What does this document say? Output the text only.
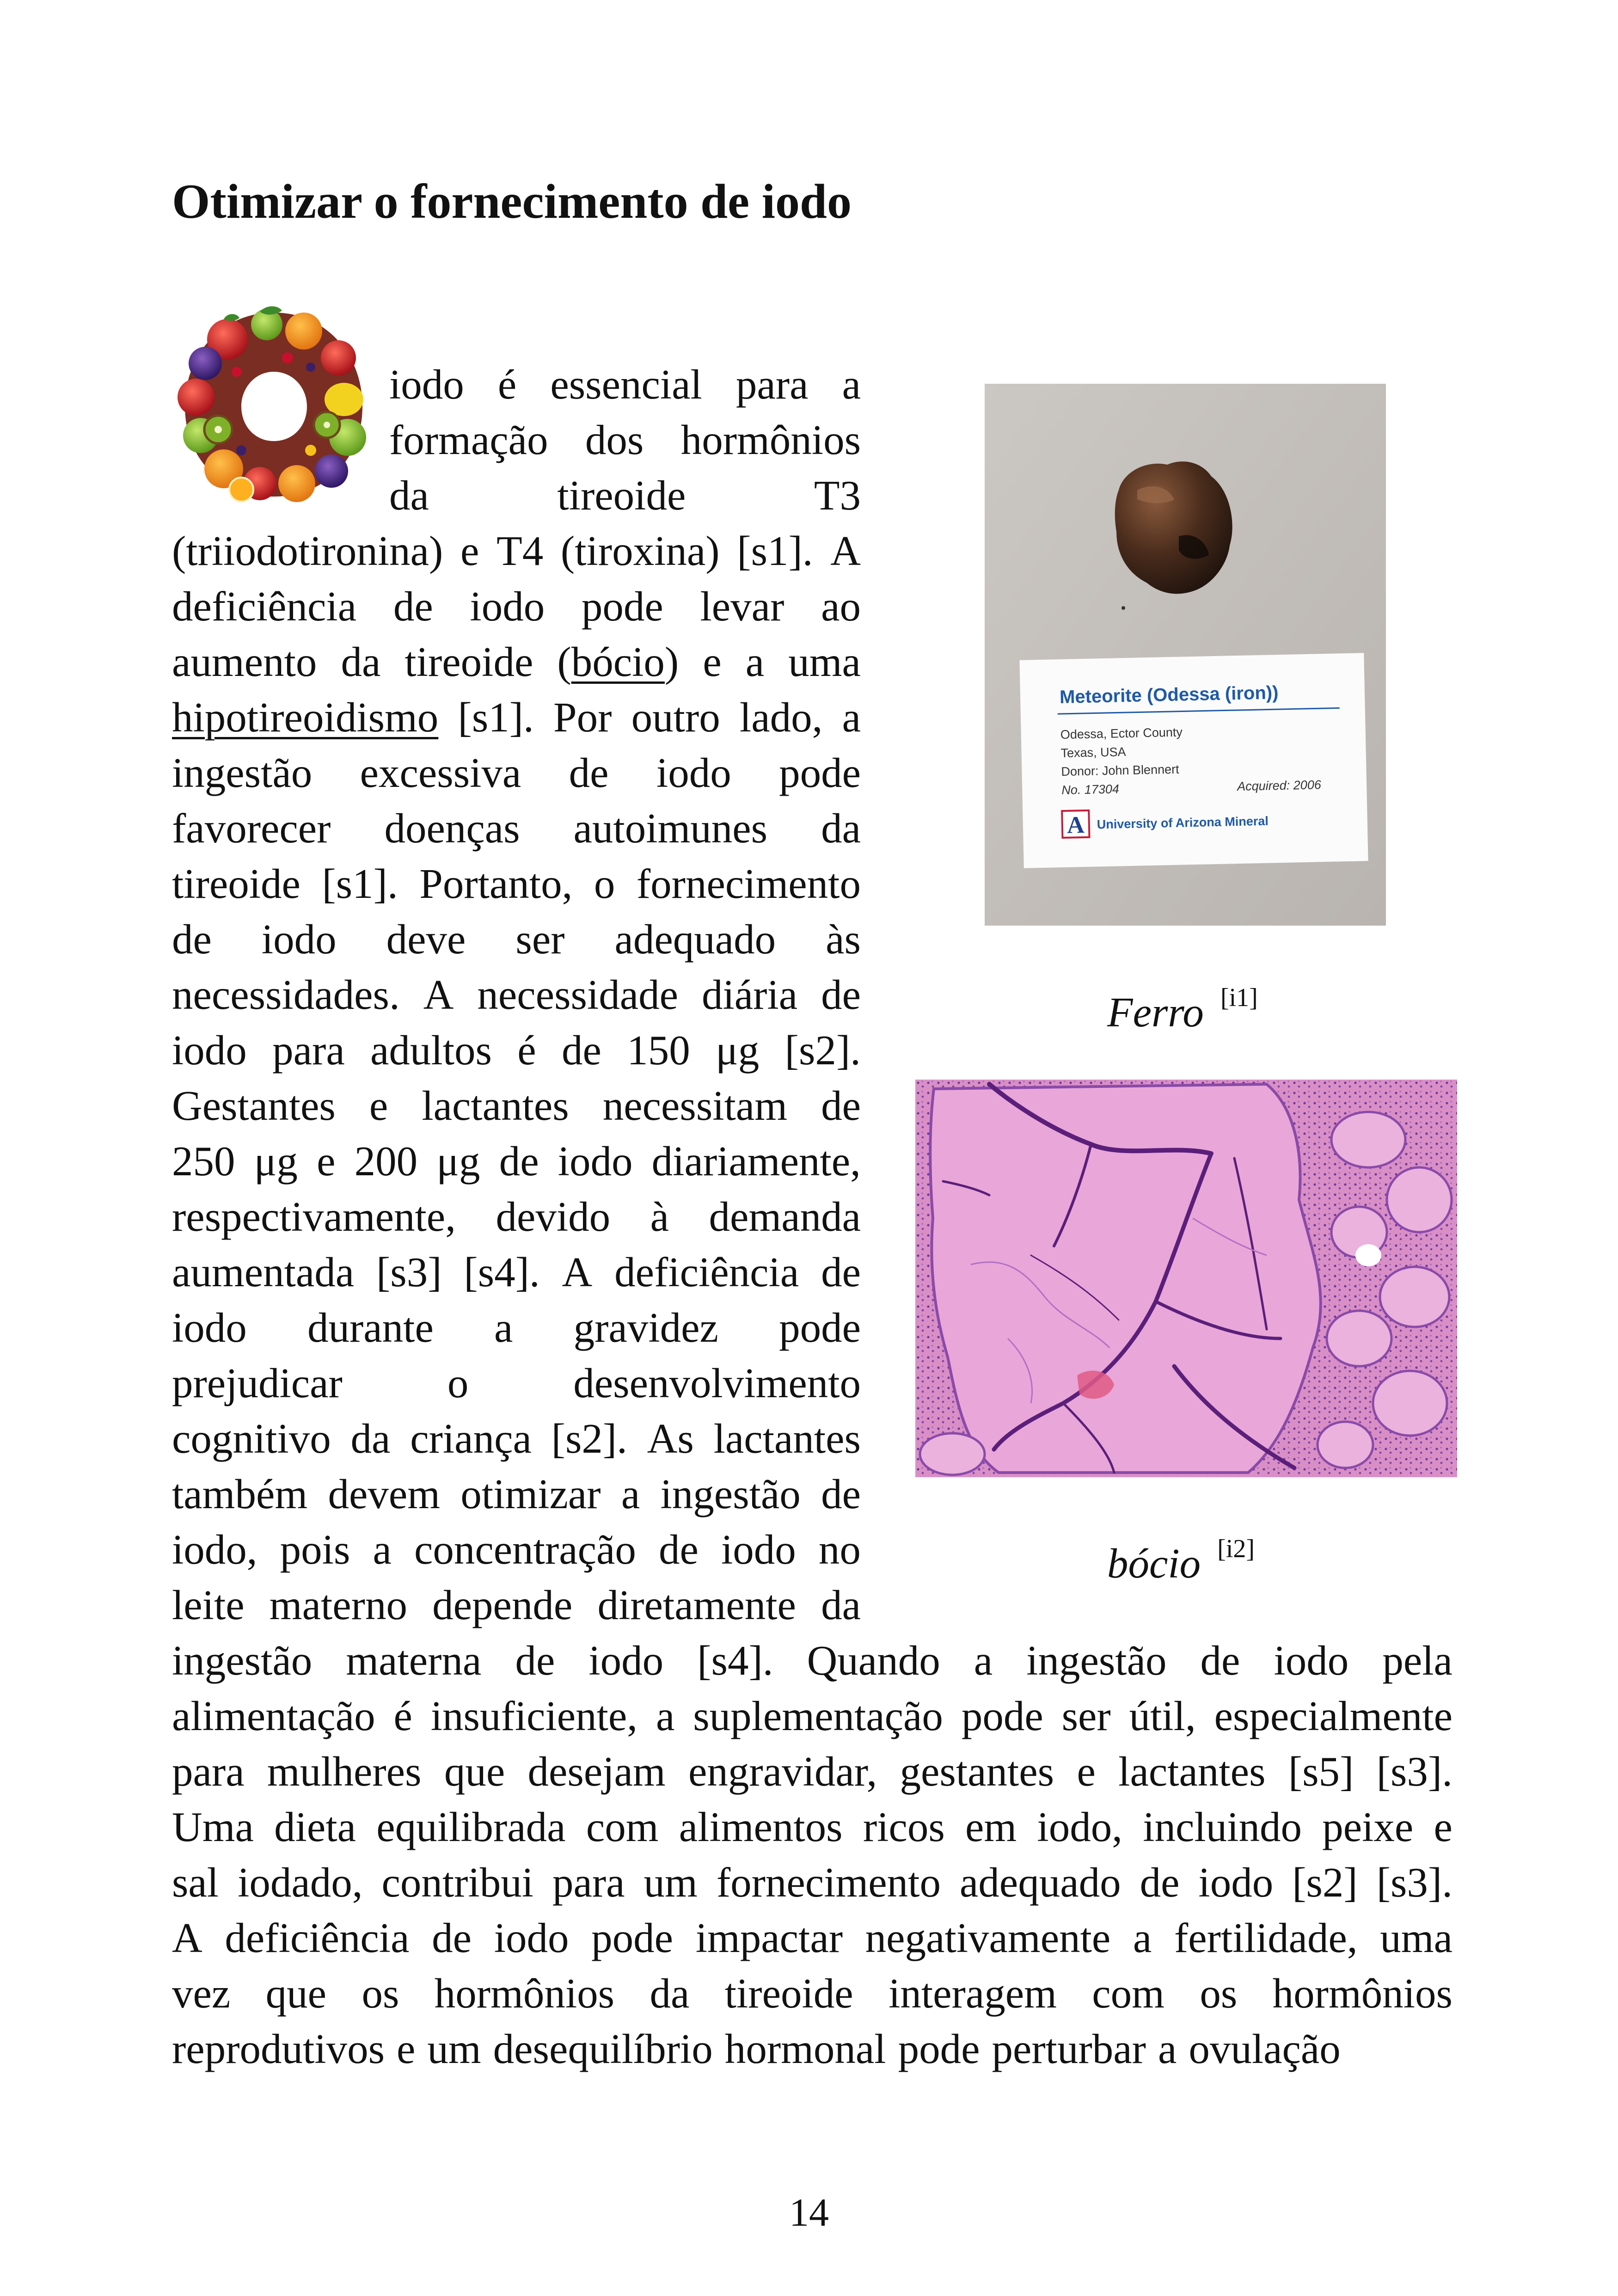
Otimizar o fornecimento de iodo
iodo é essencial para a
formação dos hormônios
da	tireoide	T3
(triiodotironina) e T4 (tiroxina) [s1]. A
deficiência de iodo pode levar ao
aumento da tireoide (bócio) e a uma
hipotireoidismo [s1]. Por outro lado, a
ingestão excessiva de iodo pode
favorecer doenças autoimunes da
tireoide [s1]. Portanto, o fornecimento
de iodo deve ser adequado às
necessidades. A necessidade diária de
iodo para adultos é de 150 μg [s2].
Gestantes e lactantes necessitam de
250 μg e 200 μg de iodo diariamente,
respectivamente, devido à demanda
aumentada [s3] [s4]. A deficiência de
iodo durante a gravidez pode
prejudicar o desenvolvimento
cognitivo da criança [s2]. As lactantes
também devem otimizar a ingestão de
iodo, pois a concentração de iodo no
leite materno depende diretamente da
ingestão materna de iodo [s4]. Quando a ingestão de iodo pela
alimentação é insuficiente, a suplementação pode ser útil, especialmente
para mulheres que desejam engravidar, gestantes e lactantes [s5] [s3].
Uma dieta equilibrada com alimentos ricos em iodo, incluindo peixe e
sal iodado, contribui para um fornecimento adequado de iodo [s2] [s3].
A deficiência de iodo pode impactar negativamente a fertilidade, uma
vez que os hormônios da tireoide interagem com os hormônios
reprodutivos e um desequilíbrio hormonal pode perturbar a ovulação
Meteorite (Odessa (iron))
Odessa, Ector County
Texas, USA
Donor: John Blennert
No. 17304	Acquired: 2006
A University of Arizona Mineral
Ferro [i1]
bócio [i2]
14
